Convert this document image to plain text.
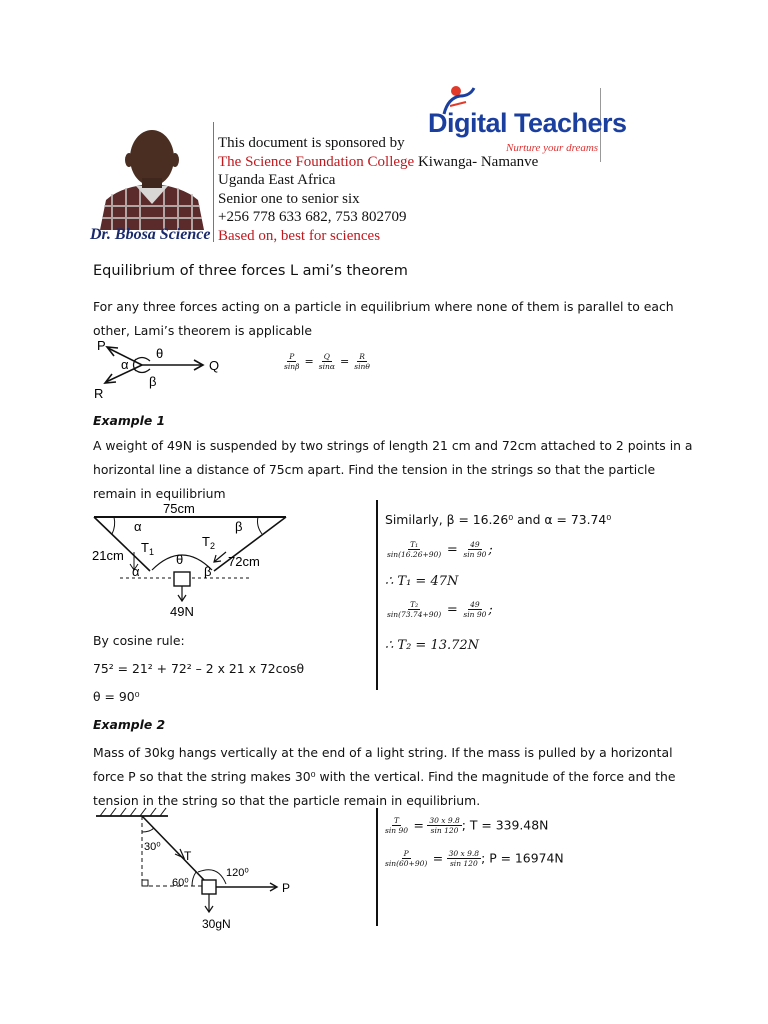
Dr. Bbosa Science
This document is sponsored by
The Science Foundation College Kiwanga- Namanve
Uganda East Africa
Senior one to senior six
+256 778 633 682, 753 802709
Based on, best for sciences
Digital Teachers
Nurture your dreams
Equilibrium of three forces L ami’s theorem
For any three forces acting on a particle in equilibrium where none of them is parallel to each other, Lami’s theorem is applicable
P
θ
α
β
Q
R
$\frac{P}{\sin\beta} = \frac{Q}{\sin\alpha} = \frac{R}{\sin\theta}$
Example 1
A weight of 49N is suspended by two strings of length 21 cm and 72cm attached to 2 points in a horizontal line a distance of 75cm apart. Find the tension in the strings so that the particle remain in equilibrium
75cm
α	β
21cm	72cm
$T_1$
$T_2$
θ
α	β
49N
Similarly, β = 16.26⁰ and α = 73.74⁰
$\frac{\text{T₁}}{\sin(16.26+90)} = \frac{49}{\sin 90}$ ;
∴ T₁ = 47N
$\frac{\text{T₂}}{\sin(73.74+90)} = \frac{49}{\sin 90}$ ;
∴ T₂ = 13.72N
By cosine rule:
75² = 21² + 72² – 2 x 21 x 72cosθ
θ = 90⁰
Example 2
Mass of 30kg hangs vertically at the end of a light string. If the mass is pulled by a horizontal force P so that the string makes 30⁰ with the vertical. Find the magnitude of the force and the tension in the string so that the particle remain in equilibrium.
30⁰
T
60⁰
120⁰
P
30gN
$\frac{T}{\sin 90} = \frac{30 x 9.8}{\sin 120}$ ; T = 339.48N
$\frac{P}{\sin(60+90)} = \frac{30 x 9.8}{\sin 120}$ ; P = 16974N
